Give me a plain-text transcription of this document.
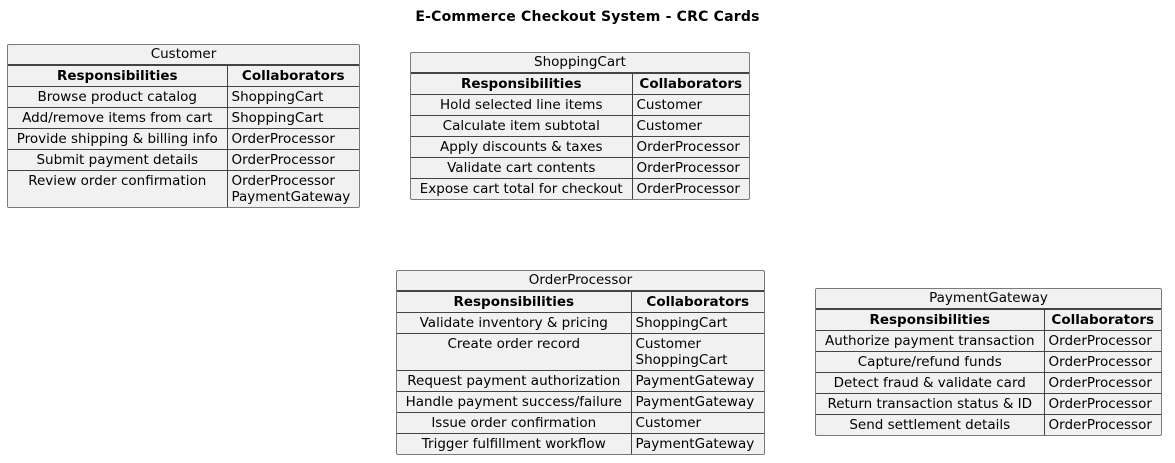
E-Commerce Checkout System - CRC Cards
Customer
Responsibilities	Collaborators
Browse product catalog	ShoppingCart

Add/remove items from cart	ShoppingCart

Provide shipping & billing info	OrderProcessor

Submit payment details	OrderProcessor

Review order confirmation	OrderProcessor
PaymentGateway
ShoppingCart
Responsibilities	Collaborators
Hold selected line items	Customer

Calculate item subtotal	Customer

Apply discounts & taxes	OrderProcessor

Validate cart contents	OrderProcessor

Expose cart total for checkout	OrderProcessor
OrderProcessor
Responsibilities	Collaborators
Validate inventory & pricing	ShoppingCart

Create order record	Customer
ShoppingCart

Request payment authorization	PaymentGateway

Handle payment success/failure	PaymentGateway

Issue order confirmation	Customer

Trigger fulfillment workflow	PaymentGateway
PaymentGateway
Responsibilities	Collaborators
Authorize payment transaction	OrderProcessor

Capture/refund funds	OrderProcessor

Detect fraud & validate card	OrderProcessor

Return transaction status & ID	OrderProcessor

Send settlement details	OrderProcessor
